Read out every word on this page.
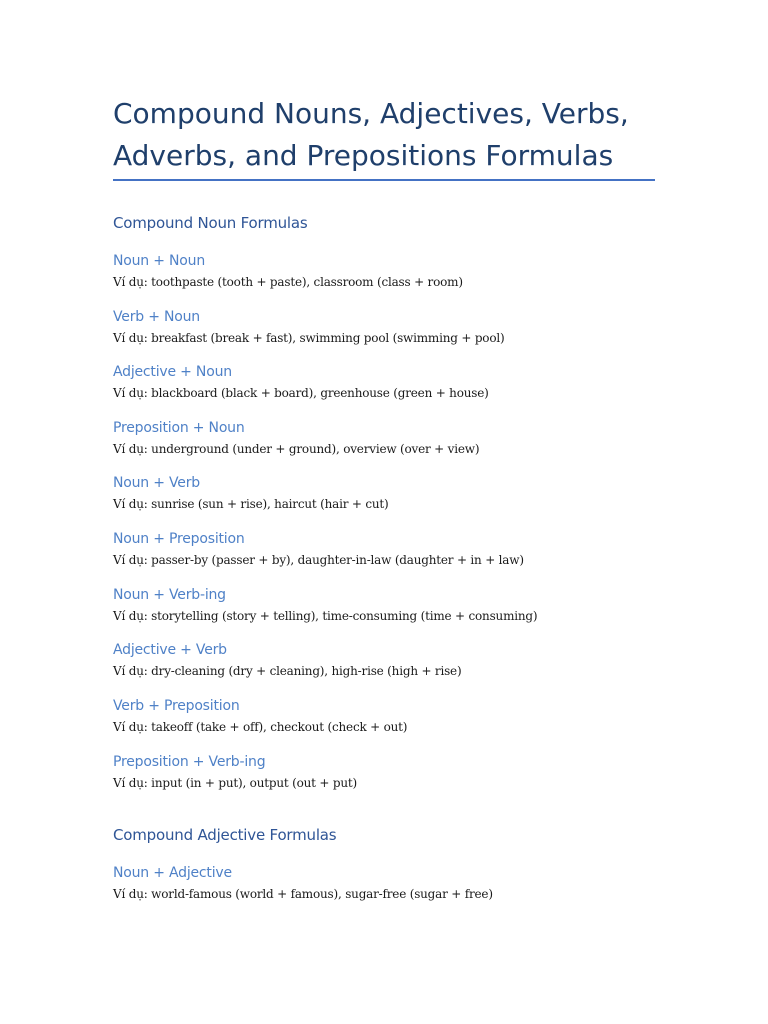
Compound Nouns, Adjectives, Verbs, Adverbs, and Prepositions Formulas
Compound Noun Formulas

Noun + Noun

Ví dụ: toothpaste (tooth + paste), classroom (class + room)

Verb + Noun

Ví dụ: breakfast (break + fast), swimming pool (swimming + pool)

Adjective + Noun

Ví dụ: blackboard (black + board), greenhouse (green + house)

Preposition + Noun

Ví dụ: underground (under + ground), overview (over + view)

Noun + Verb

Ví dụ: sunrise (sun + rise), haircut (hair + cut)

Noun + Preposition

Ví dụ: passer-by (passer + by), daughter-in-law (daughter + in + law)

Noun + Verb-ing

Ví dụ: storytelling (story + telling), time-consuming (time + consuming)

Adjective + Verb

Ví dụ: dry-cleaning (dry + cleaning), high-rise (high + rise)

Verb + Preposition

Ví dụ: takeoff (take + off), checkout (check + out)

Preposition + Verb-ing

Ví dụ: input (in + put), output (out + put)

Compound Adjective Formulas

Noun + Adjective

Ví dụ: world-famous (world + famous), sugar-free (sugar + free)
